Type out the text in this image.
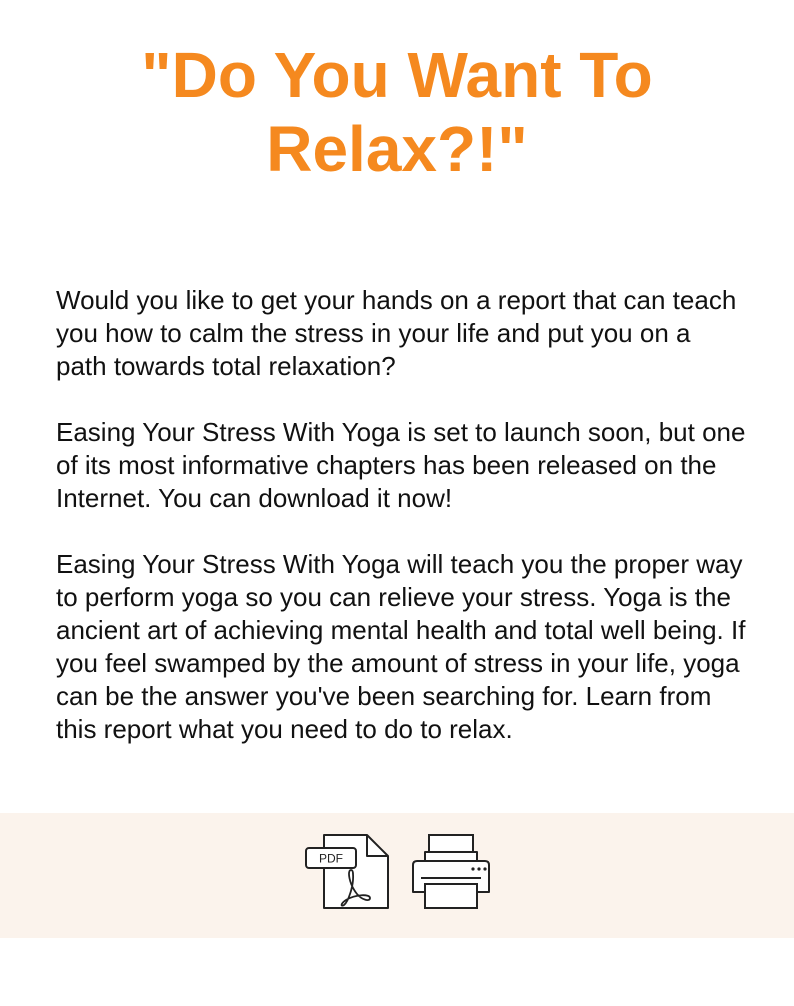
"Do You Want To Relax?!"

Would you like to get your hands on a report that can teach you how to calm the stress in your life and put you on a path towards total relaxation?

Easing Your Stress With Yoga is set to launch soon, but one of its most informative chapters has been released on the Internet. You can download it now!

Easing Your Stress With Yoga will teach you the proper way to perform yoga so you can relieve your stress. Yoga is the ancient art of achieving mental health and total well being. If you feel swamped by the amount of stress in your life, yoga can be the answer you've been searching for. Learn from this report what you need to do to relax.

PDF
